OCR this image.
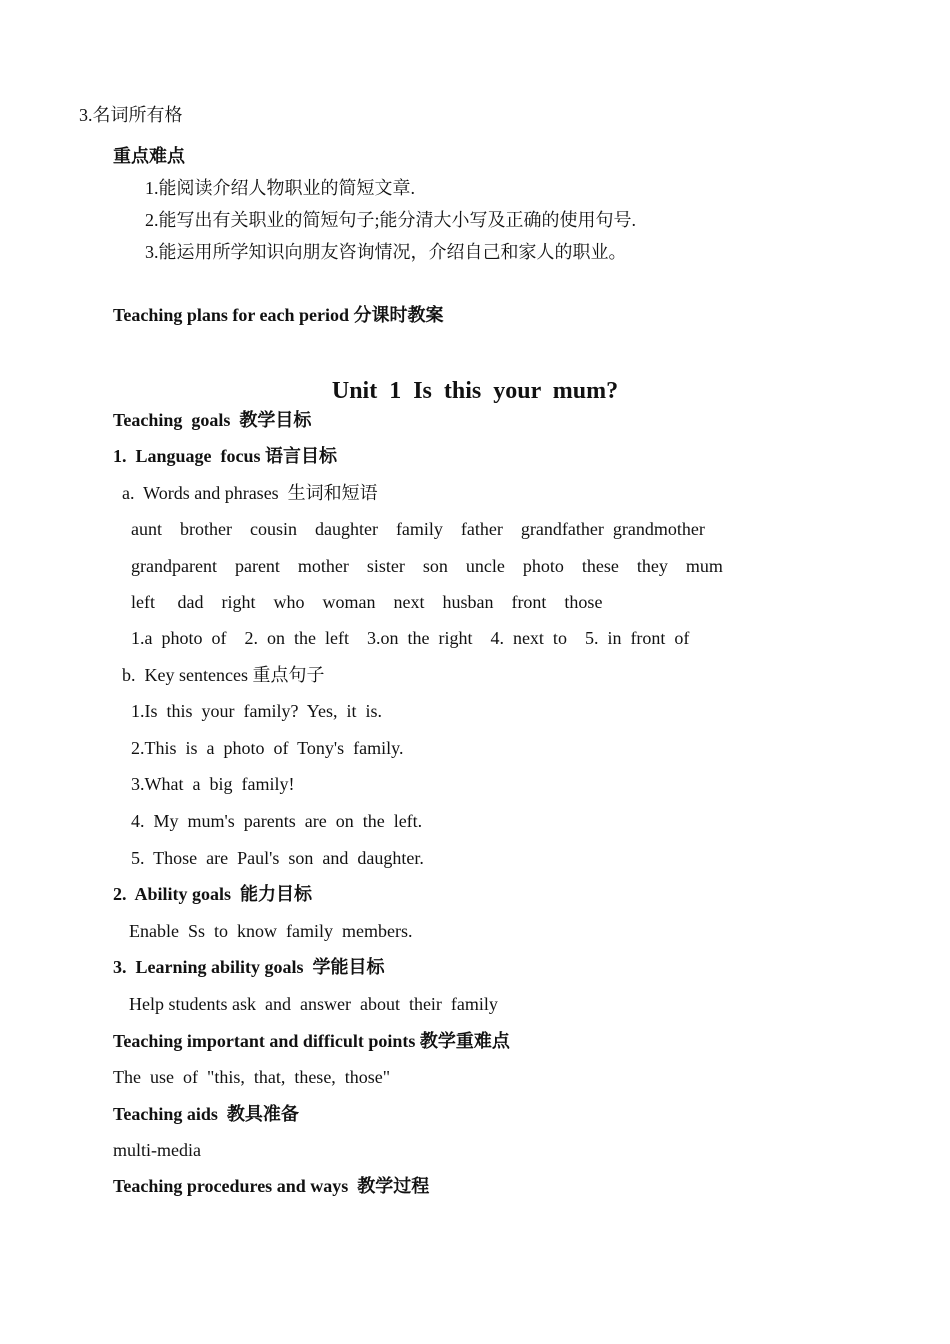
3.名词所有格
重点难点
1.能阅读介绍人物职业的简短文章.
2.能写出有关职业的简短句子;能分清大小写及正确的使用句号.
3.能运用所学知识向朋友咨询情况，介绍自己和家人的职业。
Teaching plans for each period 分课时教案
Unit  1  Is  this  your  mum?
Teaching  goals  教学目标
1.  Language  focus 语言目标
a.  Words and phrases  生词和短语
aunt    brother    cousin    daughter    family    father    grandfather  grandmother
grandparent    parent    mother    sister    son    uncle    photo    these    they    mum
left     dad    right    who    woman    next    husban    front    those
1.a  photo  of    2.  on  the  left    3.on  the  right    4.  next  to    5.  in  front  of
b.  Key sentences 重点句子
1.Is  this  your  family?  Yes,  it  is.
2.This  is  a  photo  of  Tony's  family.
3.What  a  big  family!
4.  My  mum's  parents  are  on  the  left.
5.  Those  are  Paul's  son  and  daughter.
2.  Ability goals  能力目标
Enable  Ss  to  know  family  members.
3.  Learning ability goals  学能目标
Help students ask  and  answer  about  their  family
Teaching important and difficult points 教学重难点
The  use  of  "this,  that,  these,  those"
Teaching aids  教具准备
multi-media
Teaching procedures and ways  教学过程
